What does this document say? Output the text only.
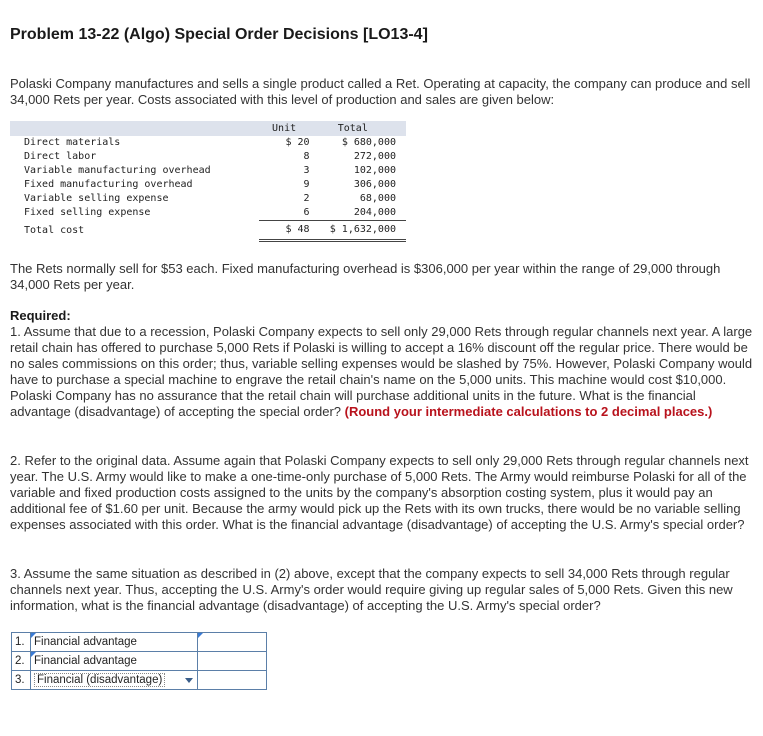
Problem 13-22 (Algo) Special Order Decisions [LO13-4]

Polaski Company manufactures and sells a single product called a Ret. Operating at capacity, the company can produce and sell 34,000 Rets per year. Costs associated with this level of production and sales are given below:

	Unit	Total
Direct materials	$ 20	$ 680,000
Direct labor	8	272,000
Variable manufacturing overhead	3	102,000
Fixed manufacturing overhead	9	306,000
Variable selling expense	2	68,000
Fixed selling expense	6	204,000
Total cost	$ 48	$ 1,632,000

The Rets normally sell for $53 each. Fixed manufacturing overhead is $306,000 per year within the range of 29,000 through 34,000 Rets per year.

Required:
1. Assume that due to a recession, Polaski Company expects to sell only 29,000 Rets through regular channels next year. A large retail chain has offered to purchase 5,000 Rets if Polaski is willing to accept a 16% discount off the regular price. There would be no sales commissions on this order; thus, variable selling expenses would be slashed by 75%. However, Polaski Company would have to purchase a special machine to engrave the retail chain's name on the 5,000 units. This machine would cost $10,000. Polaski Company has no assurance that the retail chain will purchase additional units in the future. What is the financial advantage (disadvantage) of accepting the special order? (Round your intermediate calculations to 2 decimal places.)

2. Refer to the original data. Assume again that Polaski Company expects to sell only 29,000 Rets through regular channels next year. The U.S. Army would like to make a one-time-only purchase of 5,000 Rets. The Army would reimburse Polaski for all of the variable and fixed production costs assigned to the units by the company's absorption costing system, plus it would pay an additional fee of $1.60 per unit. Because the army would pick up the Rets with its own trucks, there would be no variable selling expenses associated with this order. What is the financial advantage (disadvantage) of accepting the U.S. Army's special order?

3. Assume the same situation as described in (2) above, except that the company expects to sell 34,000 Rets through regular channels next year. Thus, accepting the U.S. Army's order would require giving up regular sales of 5,000 Rets. Given this new information, what is the financial advantage (disadvantage) of accepting the U.S. Army's special order?

1.	Financial advantage	

2.	Financial advantage	
3.	Financial (disadvantage)
